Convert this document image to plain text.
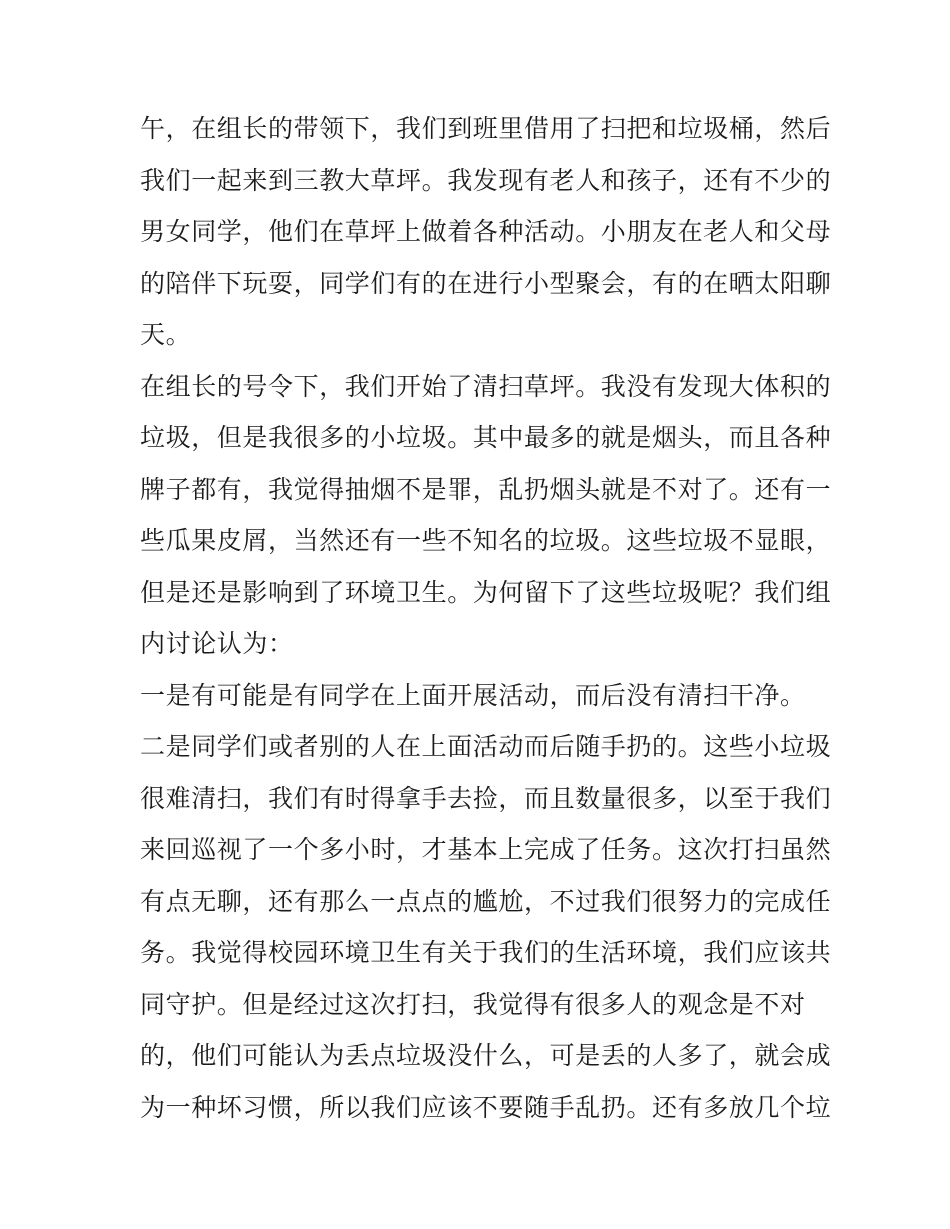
午，在组长的带领下，我们到班里借用了扫把和垃圾桶，然后
我们一起来到三教大草坪。我发现有老人和孩子，还有不少的
男女同学，他们在草坪上做着各种活动。小朋友在老人和父母
的陪伴下玩耍，同学们有的在进行小型聚会，有的在晒太阳聊
天。
在组长的号令下，我们开始了清扫草坪。我没有发现大体积的
垃圾，但是我很多的小垃圾。其中最多的就是烟头，而且各种
牌子都有，我觉得抽烟不是罪，乱扔烟头就是不对了。还有一
些瓜果皮屑，当然还有一些不知名的垃圾。这些垃圾不显眼，
但是还是影响到了环境卫生。为何留下了这些垃圾呢？我们组
内讨论认为：
一是有可能是有同学在上面开展活动，而后没有清扫干净。
二是同学们或者别的人在上面活动而后随手扔的。这些小垃圾
很难清扫，我们有时得拿手去捡，而且数量很多，以至于我们
来回巡视了一个多小时，才基本上完成了任务。这次打扫虽然
有点无聊，还有那么一点点的尴尬，不过我们很努力的完成任
务。我觉得校园环境卫生有关于我们的生活环境，我们应该共
同守护。但是经过这次打扫，我觉得有很多人的观念是不对
的，他们可能认为丢点垃圾没什么，可是丢的人多了，就会成
为一种坏习惯，所以我们应该不要随手乱扔。还有多放几个垃
